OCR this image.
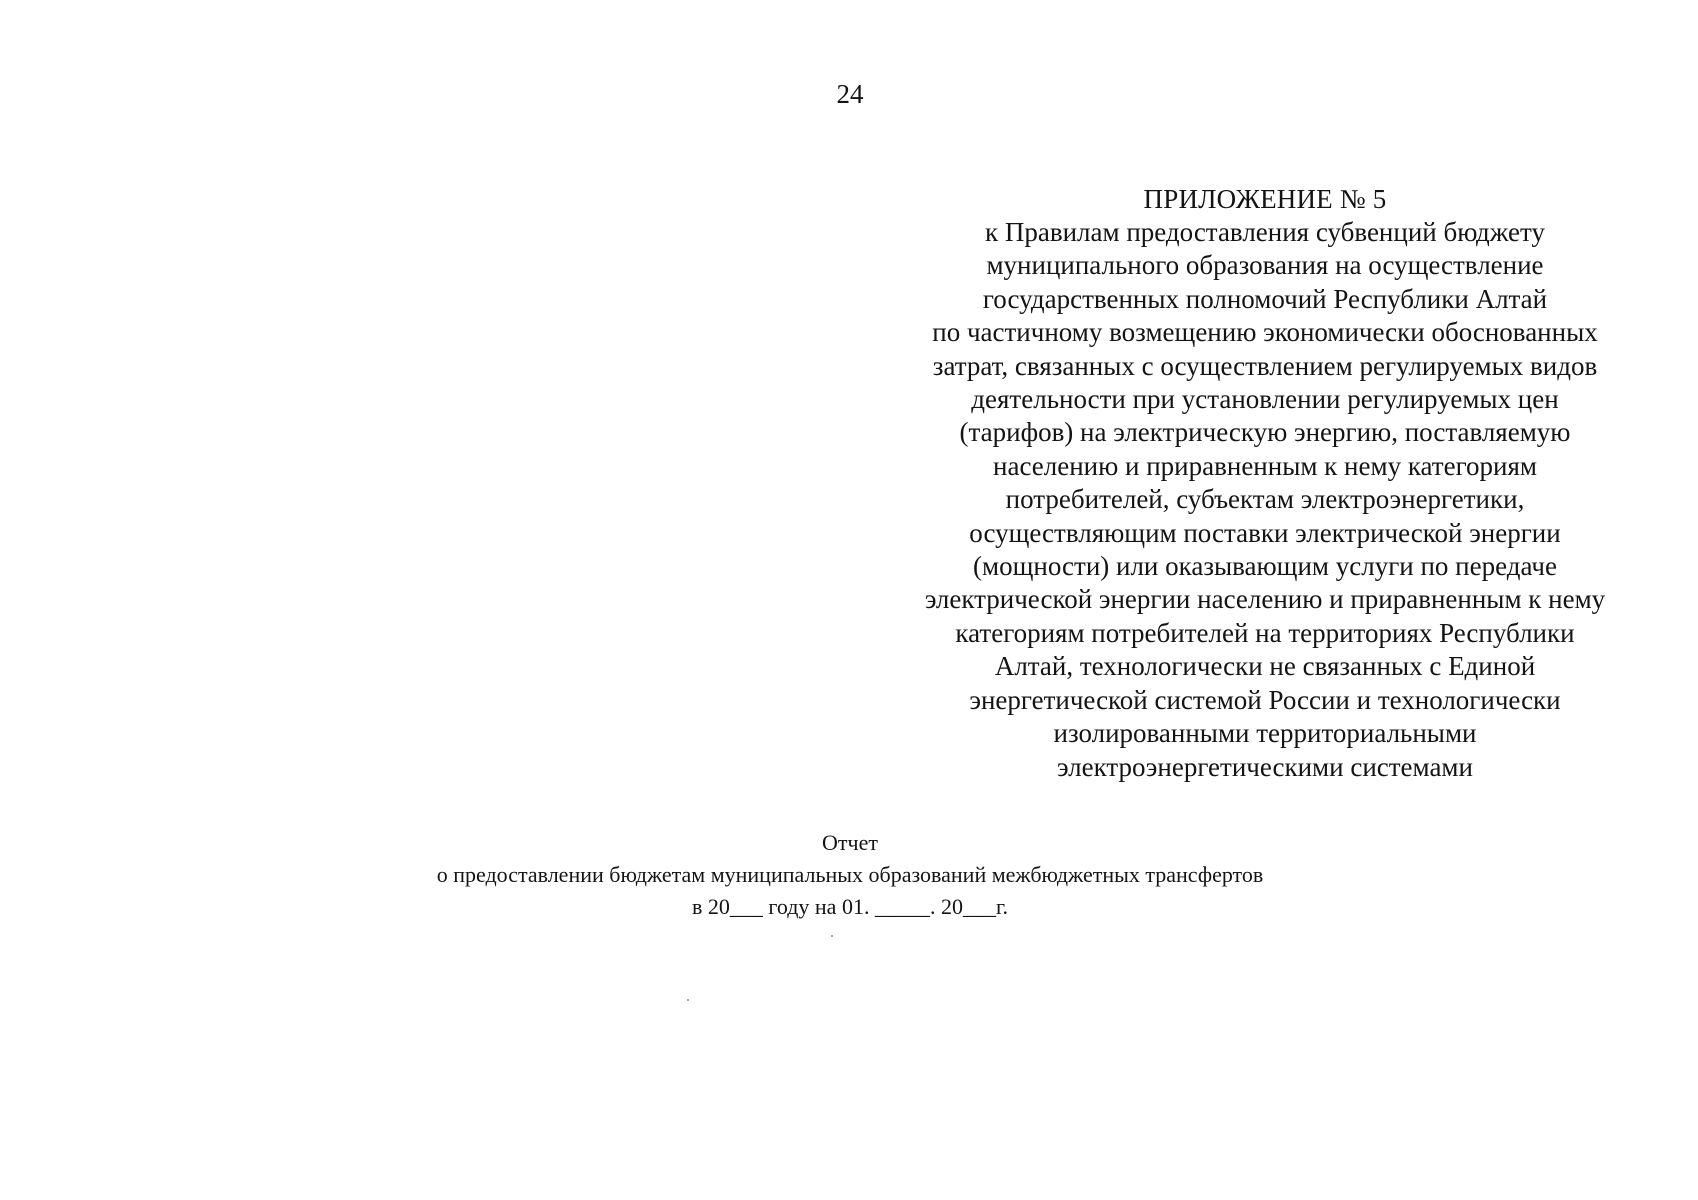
24
ПРИЛОЖЕНИЕ № 5
к Правилам предоставления субвенций бюджету
муниципального образования на осуществление
государственных полномочий Республики Алтай
по частичному возмещению экономически обоснованных
затрат, связанных с осуществлением регулируемых видов
деятельности при установлении регулируемых цен
(тарифов) на электрическую энергию, поставляемую
населению и приравненным к нему категориям
потребителей, субъектам электроэнергетики,
осуществляющим поставки электрической энергии
(мощности) или оказывающим услуги по передаче
электрической энергии населению и приравненным к нему
категориям потребителей на территориях Республики
Алтай, технологически не связанных с Единой
энергетической системой России и технологически
изолированными территориальными
электроэнергетическими системами
Отчет
о предоставлении бюджетам муниципальных образований межбюджетных трансфертов
в 20___ году на 01. _____. 20___г.
